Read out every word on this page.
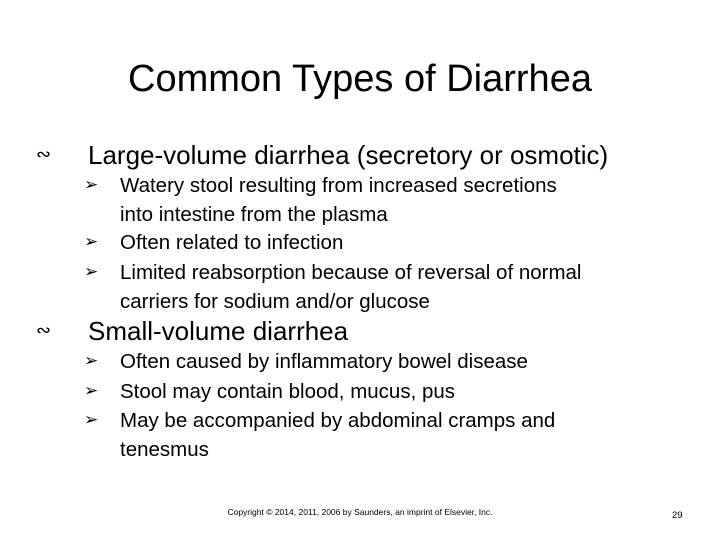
Common Types of Diarrhea
∾ Large-volume diarrhea (secretory or osmotic)
➢	Watery stool resulting from increased secretions
into intestine from the plasma
➢	Often related to infection
➢	Limited reabsorption because of reversal of normal
carriers for sodium and/or glucose
∾ Small-volume diarrhea
➢	Often caused by inflammatory bowel disease
➢	Stool may contain blood, mucus, pus
➢	May be accompanied by abdominal cramps and
tenesmus
Copyright © 2014, 2011, 2006 by Saunders, an imprint of Elsevier, Inc.	29
